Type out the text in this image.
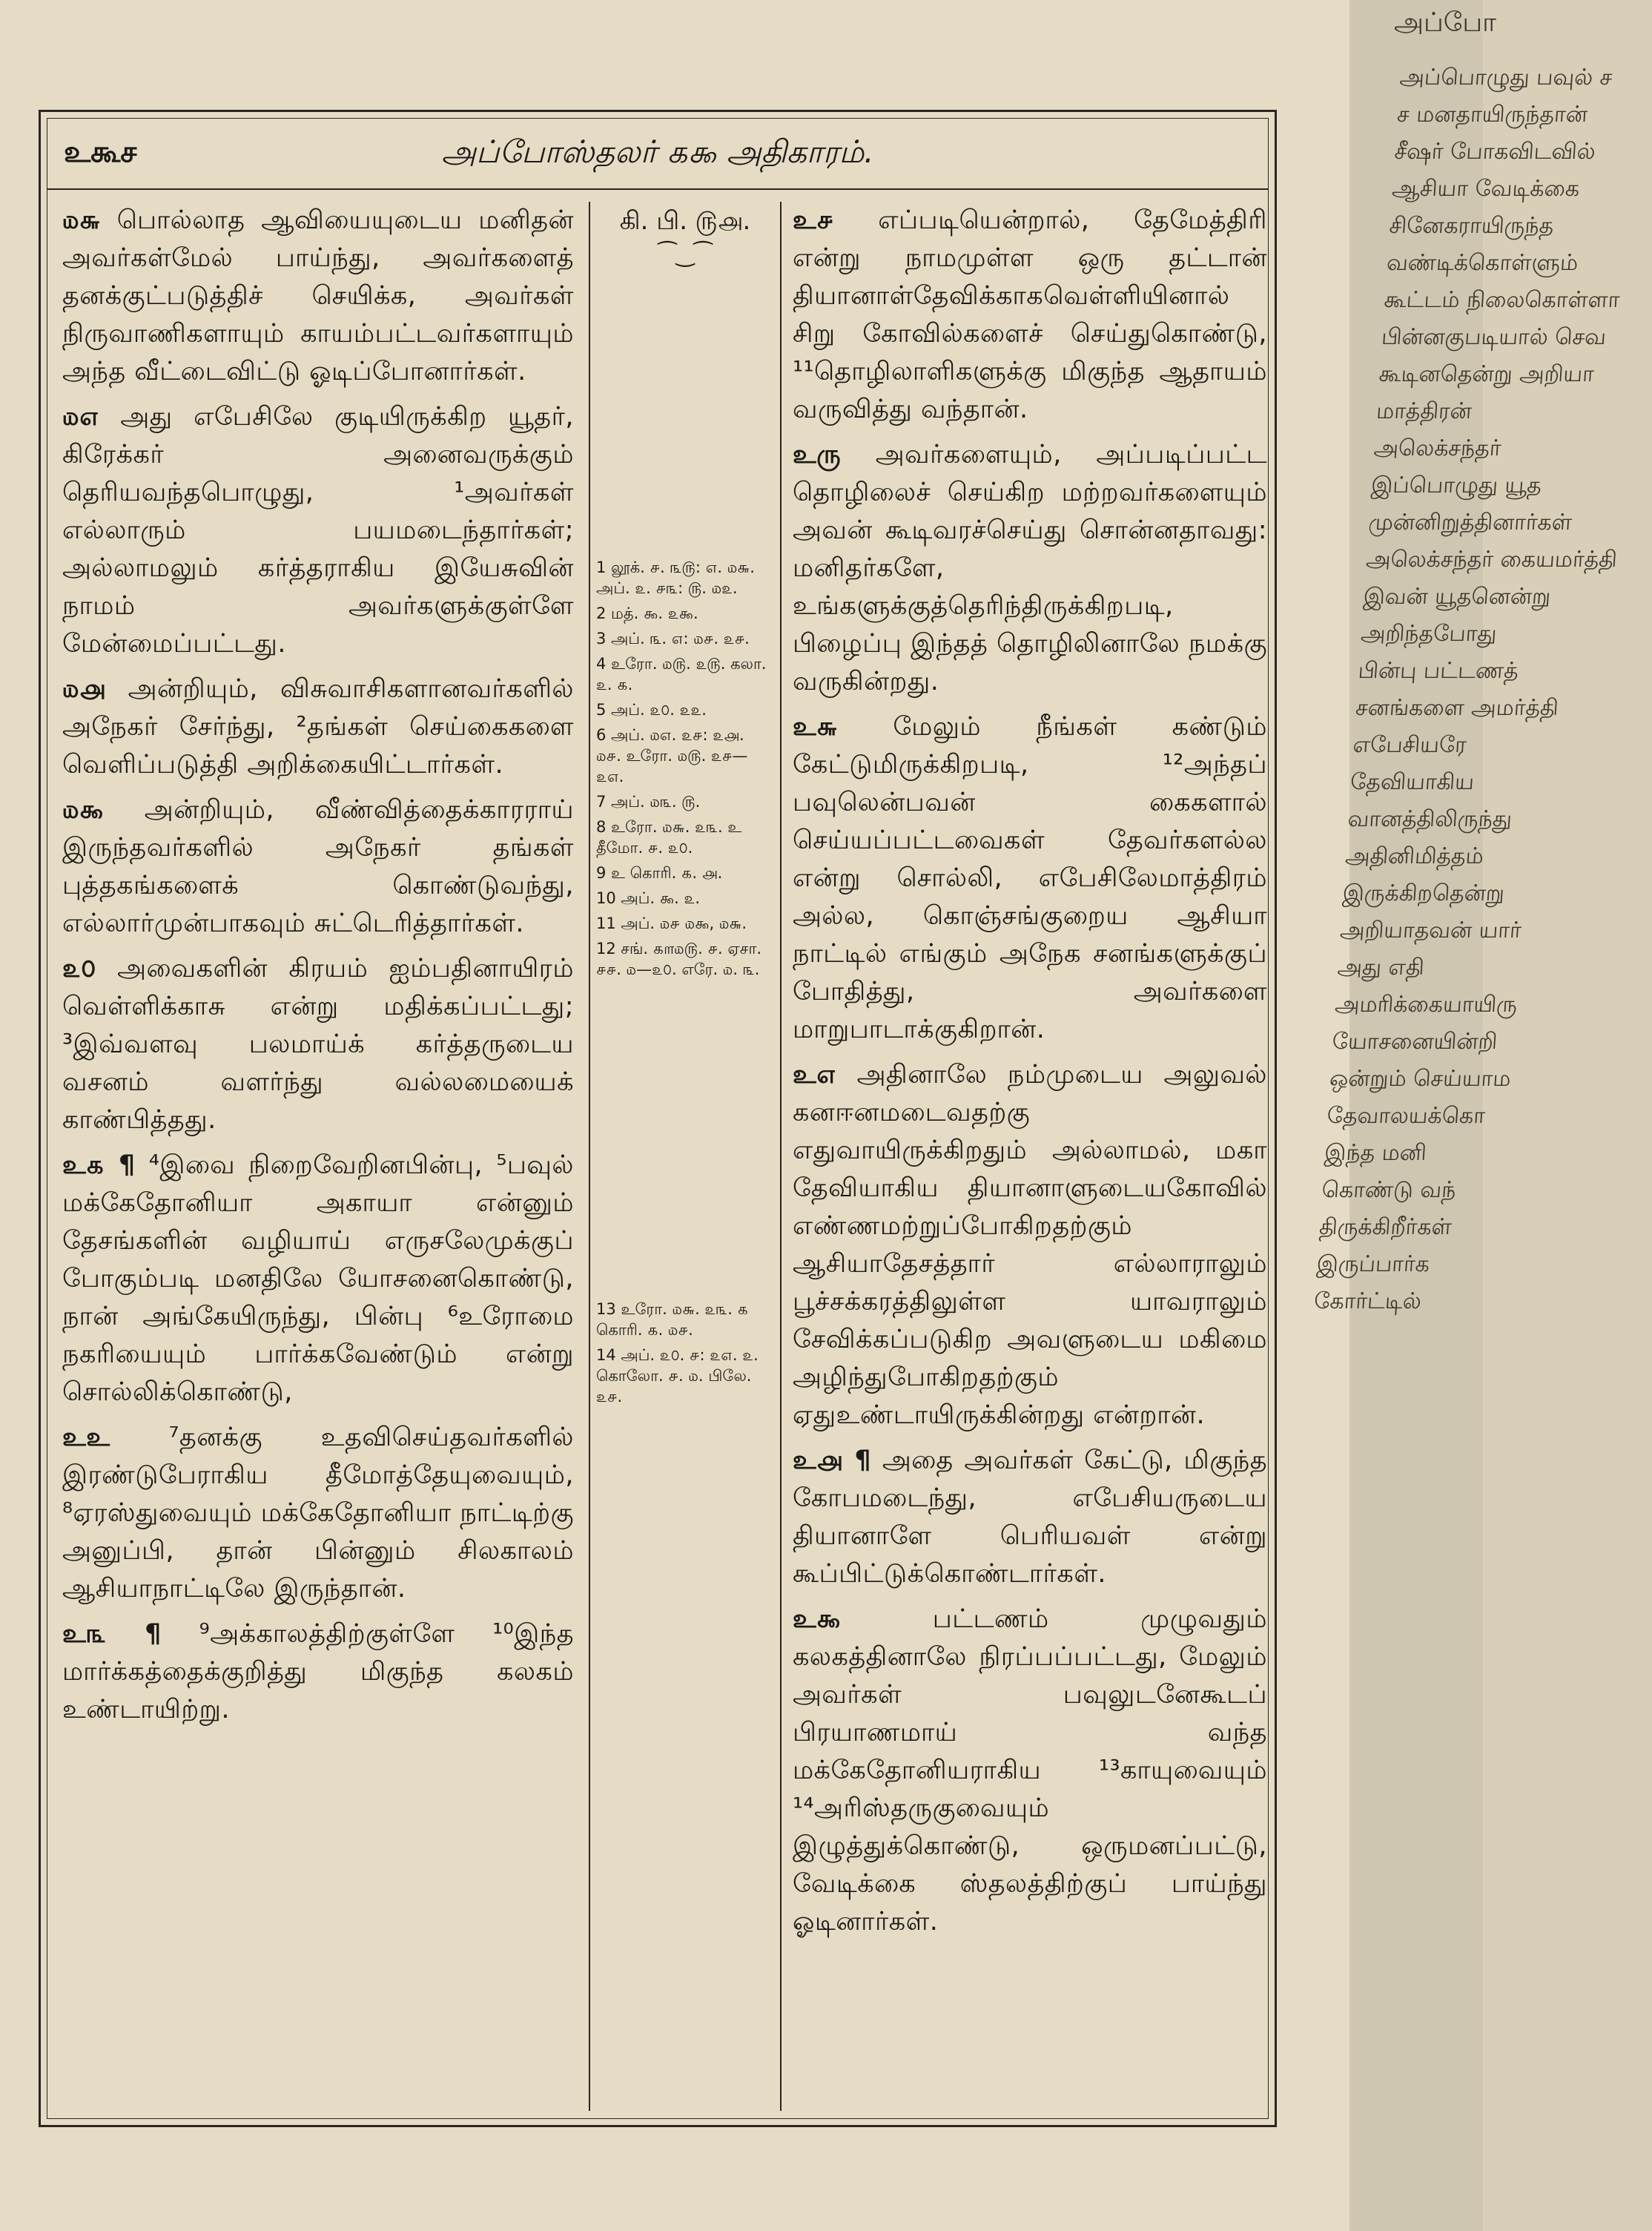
உகூச	அப்போஸ்தலர் ௧௯ அதிகாரம்.

௰௬ பொல்லாத ஆவியையுடைய மனிதன் அவர்கள்மேல் பாய்ந்து, அவர்களைத் தனக்குட்படுத்திச் செயிக்க, அவர்கள் நிருவாணிகளாயும் காயம்பட்டவர்களாயும் அந்த வீட்டைவிட்டு ஓடிப்போனார்கள்.

௰௭ அது எபேசிலே குடியிருக்கிற யூதர், கிரேக்கர் அனைவருக்கும் தெரியவந்தபொழுது, ¹அவர்கள் எல்லாரும் பயமடைந்தார்கள்; அல்லாமலும் கர்த்தராகிய இயேசுவின் நாமம் அவர்களுக்குள்ளே மேன்மைப்பட்டது.

௰௮ அன்றியும், விசுவாசிகளானவர்களில் அநேகர் சேர்ந்து, ²தங்கள் செய்கைகளை வெளிப்படுத்தி அறிக்கையிட்டார்கள்.

௰௯ அன்றியும், வீண்வித்தைக்காரராய் இருந்தவர்களில் அநேகர் தங்கள் புத்தகங்களைக் கொண்டுவந்து, எல்லார்முன்பாகவும் சுட்டெரித்தார்கள்.

௨௦ அவைகளின் கிரயம் ஐம்பதினாயிரம் வெள்ளிக்காசு என்று மதிக்கப்பட்டது; ³இவ்வளவு பலமாய்க் கர்த்தருடைய வசனம் வளர்ந்து வல்லமையைக் காண்பித்தது.

உ௧ ¶ ⁴இவை நிறைவேறினபின்பு, ⁵பவுல் மக்கேதோனியா அகாயா என்னும் தேசங்களின் வழியாய் எருசலேமுக்குப் போகும்படி மனதிலே யோசனைகொண்டு, நான் அங்கேயிருந்து, பின்பு ⁶உரோமை நகரியையும் பார்க்கவேண்டும் என்று சொல்லிக்கொண்டு,

உஉ ⁷தனக்கு உதவிசெய்தவர்களில் இரண்டுபேராகிய தீமோத்தேயுவையும், ⁸ஏரஸ்துவையும் மக்கேதோனியா நாட்டிற்கு அனுப்பி, தான் பின்னும் சிலகாலம் ஆசியாநாட்டிலே இருந்தான்.

உ௩ ¶ ⁹அக்காலத்திற்குள்ளே ¹⁰இந்த மார்க்கத்தைக்குறித்து மிகுந்த கலகம் உண்டாயிற்று.

கி. பி. ௫௮.
⁀‿⁀
1 லூக். ௪. ௩௫: ௭. ௰௬. அப். ௨. ௪௩: ௫. ௰௨.
2 மத். ௯. ௨௯.
3 அப். ௩. ௭: ௰௪. ௨௪.
4 உரோ. ௰௫. ௨௫. கலா. ௨. ௧.
5 அப். ௨௦. ௨௨.
6 அப். ௰௭. ௨௪: ௨௮. ௰௪. உரோ. ௰௫. ௨௪—௨௭.
7 அப். ௰௩. ௫.
8 உரோ. ௰௬. ௨௩. உ தீமோ. ௪. ௨௦.
9 உ கொரி. ௧. ௮.
10 அப். ௯. ௨.
11 அப். ௰௪ ௰௯, ௰௬.
12 சங். ௧௱௰௫. ௪. ஏசா. ௪௪. ௰—௨௦. எரே. ௰. ௩.
13 உரோ. ௰௬. ௨௩. ௧ கொரி. ௧. ௰௪.
14 அப். ௨௦. ௪: ௨௭. ௨. கொலோ. ௪. ௰. பிலே. ௨௪.

உ௪ எப்படியென்றால், தேமேத்திரி என்று நாமமுள்ள ஒரு தட்டான் தியானாள்தேவிக்காகவெள்ளியினால் சிறு கோவில்களைச் செய்துகொண்டு, ¹¹தொழிலாளிகளுக்கு மிகுந்த ஆதாயம் வருவித்து வந்தான்.

உரு அவர்களையும், அப்படிப்பட்ட தொழிலைச் செய்கிற மற்றவர்களையும் அவன் கூடிவரச்செய்து சொன்னதாவது: மனிதர்களே, உங்களுக்குத்தெரிந்திருக்கிறபடி, பிழைப்பு இந்தத் தொழிலினாலே நமக்கு வருகின்றது.

உ௬ மேலும் நீங்கள் கண்டும் கேட்டுமிருக்கிறபடி, ¹²அந்தப் பவுலென்பவன் கைகளால் செய்யப்பட்டவைகள் தேவர்களல்ல என்று சொல்லி, எபேசிலேமாத்திரம் அல்ல, கொஞ்சங்குறைய ஆசியா நாட்டில் எங்கும் அநேக சனங்களுக்குப் போதித்து, அவர்களை மாறுபாடாக்குகிறான்.

உ௭ அதினாலே நம்முடைய அலுவல் கனஈனமடைவதற்கு எதுவாயிருக்கிறதும் அல்லாமல், மகா தேவியாகிய தியானாளுடையகோவில் எண்ணமற்றுப்போகிறதற்கும் ஆசியாதேசத்தார் எல்லாராலும் பூச்சக்கரத்திலுள்ள யாவராலும் சேவிக்கப்படுகிற அவளுடைய மகிமை அழிந்துபோகிறதற்கும் ஏதுஉண்டாயிருக்கின்றது என்றான்.

உ௮ ¶ அதை அவர்கள் கேட்டு, மிகுந்த கோபமடைந்து, எபேசியருடைய தியானாளே பெரியவள் என்று கூப்பிட்டுக்கொண்டார்கள்.

உ௯	பட்டணம் முழுவதும் கலகத்தினாலே நிரப்பப்பட்டது, மேலும் அவர்கள் பவுலுடனேகூடப் பிரயாணமாய் வந்த மக்கேதோனியராகிய ¹³காயுவையும் ¹⁴அரிஸ்தருகுவையும் இழுத்துக்கொண்டு, ஒருமனப்பட்டு, வேடிக்கை ஸ்தலத்திற்குப் பாய்ந்து ஓடினார்கள்.

அப்போ
அப்பொழுது பவுல் ச
ச மனதாயிருந்தான்
சீஷர் போகவிடவில்
ஆசியா வேடிக்கை
சினேகராயிருந்த
வண்டிக்கொள்ளும்
கூட்டம் நிலைகொள்ளா
பின்னகுபடியால் செவ
கூடினதென்று அறியா
மாத்திரன்
அலெக்சந்தர்
இப்பொழுது யூத
முன்னிறுத்தினார்கள்
அலெக்சந்தர் கையமர்த்தி
இவன் யூதனென்று
அறிந்தபோது
பின்பு பட்டணத்
சனங்களை அமர்த்தி
எபேசியரே
தேவியாகிய
வானத்திலிருந்து
அதினிமித்தம்
இருக்கிறதென்று
அறியாதவன் யார்
அது எதி
அமரிக்கையாயிரு
யோசனையின்றி
ஒன்றும் செய்யாம
தேவாலயக்கொ
இந்த மனி
கொண்டு வந்
திருக்கிறீர்கள்
இருப்பார்க
கோர்ட்டில்
